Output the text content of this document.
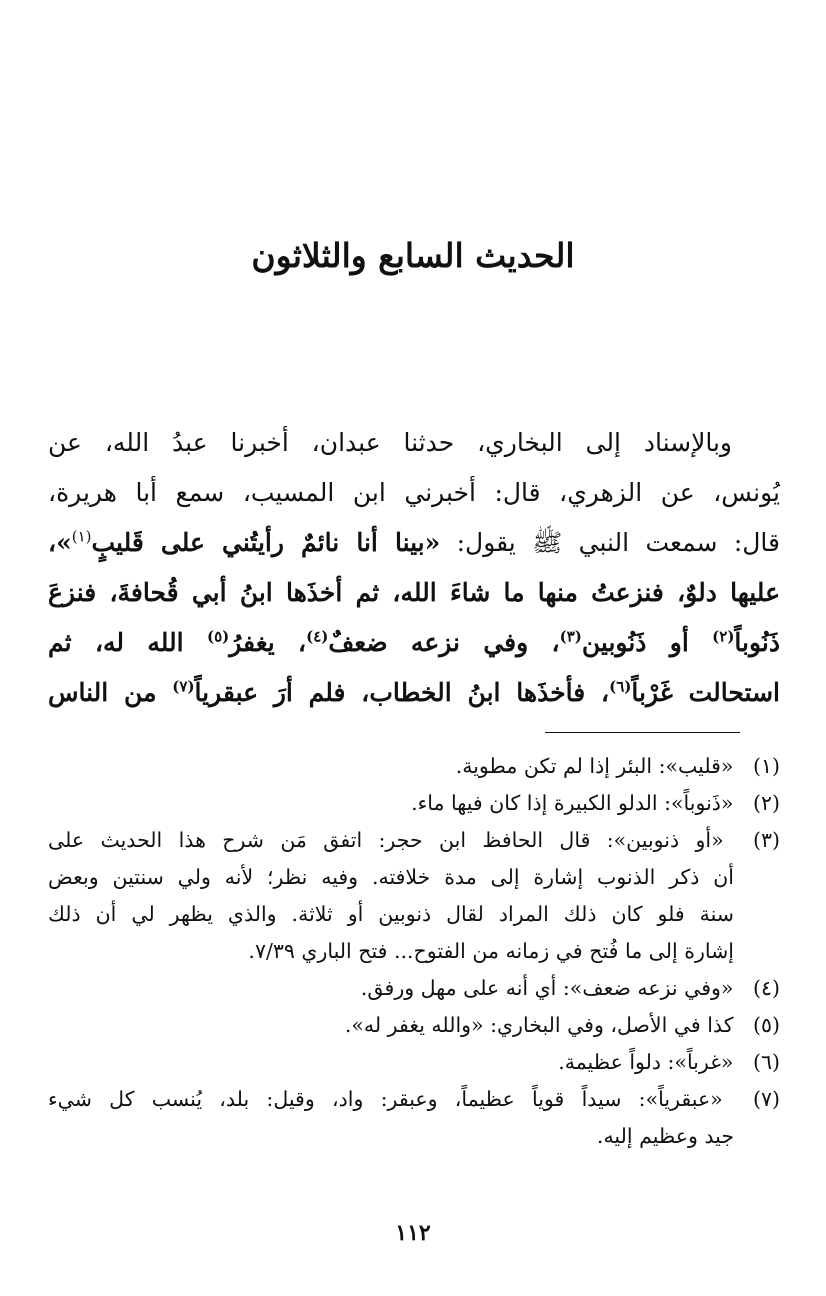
الحديث السابع والثلاثون
وبالإسناد إلى البخاري، حدثنا عبدان، أخبرنا عبدُ الله، عن
يُونس، عن الزهري، قال: أخبرني ابن المسيب، سمع أبا هريرة،
قال: سمعت النبي ﷺ يقول: «بينا أنا نائمٌ رأيتُني على قَليبٍ$^{(١)}$»،
عليها دلوٌ، فنزعتُ منها ما شاءَ الله، ثم أخذَها ابنُ أبي قُحافةَ، فنزعَ
ذَنُوباً$^{(٢)}$ أو ذَنُوبين$^{(٣)}$، وفي نزعه ضعفٌ$^{(٤)}$، يغفرُ$^{(٥)}$ الله له، ثم
استحالت غَرْباً$^{(٦)}$، فأخذَها ابنُ الخطاب، فلم أرَ عبقرياً$^{(٧)}$ من الناس
(١) «قليب»: البئر إذا لم تكن مطوية.
(٢) «ذَنوباً»: الدلو الكبيرة إذا كان فيها ماء.
(٣) «أو ذنوبين»: قال الحافظ ابن حجر: اتفق مَن شرح هذا الحديث على
أن ذكر الذنوب إشارة إلى مدة خلافته. وفيه نظر؛ لأنه ولي سنتين وبعض
سنة فلو كان ذلك المراد لقال ذنوبين أو ثلاثة. والذي يظهر لي أن ذلك
إشارة إلى ما فُتح في زمانه من الفتوح... فتح الباري ٧/٣٩.
(٤) «وفي نزعه ضعف»: أي أنه على مهل ورفق.
(٥) كذا في الأصل، وفي البخاري: «والله يغفر له».
(٦) «غرباً»: دلواً عظيمة.
(٧) «عبقرياً»: سيداً قوياً عظيماً، وعبقر: واد، وقيل: بلد، يُنسب كل شيء
جيد وعظيم إليه.
١١٢
